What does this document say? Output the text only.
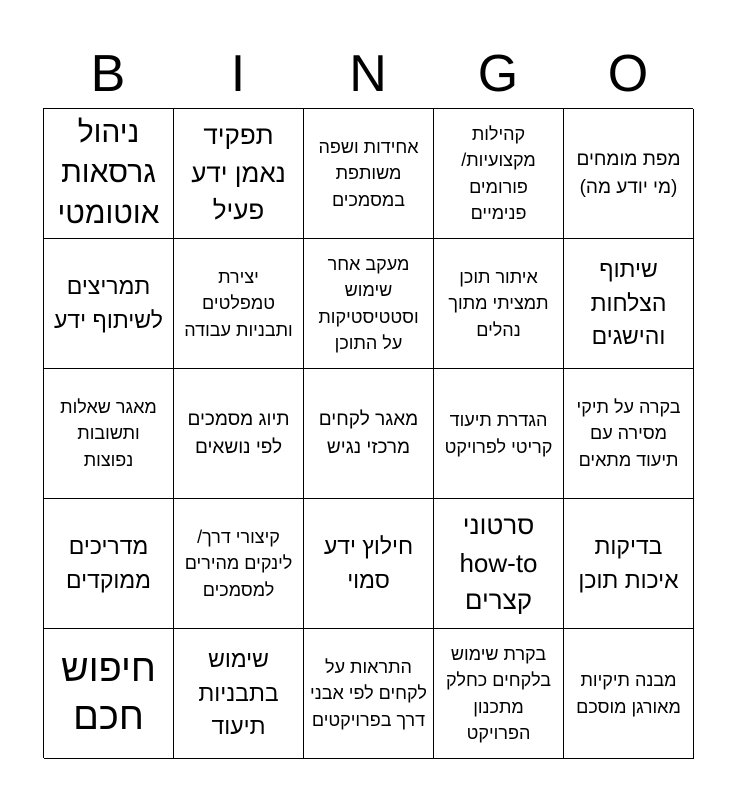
B	I	N	G	O
ניהול גרסאות אוטומטי
תפקיד נאמן ידע פעיל
אחידות ושפה משותפת במסמכים
קהילות מקצועיות/ פורומים פנימיים
מפת מומחים (מי יודע מה)
תמריצים לשיתוף ידע
יצירת טמפלטים ותבניות עבודה
מעקב אחר שימוש וסטטיסטיקות על התוכן
איתור תוכן תמציתי מתוך נהלים
שיתוף הצלחות והישגים
מאגר שאלות ותשובות נפוצות
תיוג מסמכים לפי נושאים
מאגר לקחים מרכזי נגיש
הגדרת תיעוד קריטי לפרויקט
בקרה על תיקי מסירה עם תיעוד מתאים
מדריכים ממוקדים
קיצורי דרך/ לינקים מהירים למסמכים
חילוץ ידע סמוי
סרטוני how-to קצרים
בדיקות איכות תוכן
חיפוש חכם
שימוש בתבניות תיעוד
התראות על לקחים לפי אבני דרך בפרויקטים
בקרת שימוש בלקחים כחלק מתכנון הפרויקט
מבנה תיקיות מאורגן מוסכם
